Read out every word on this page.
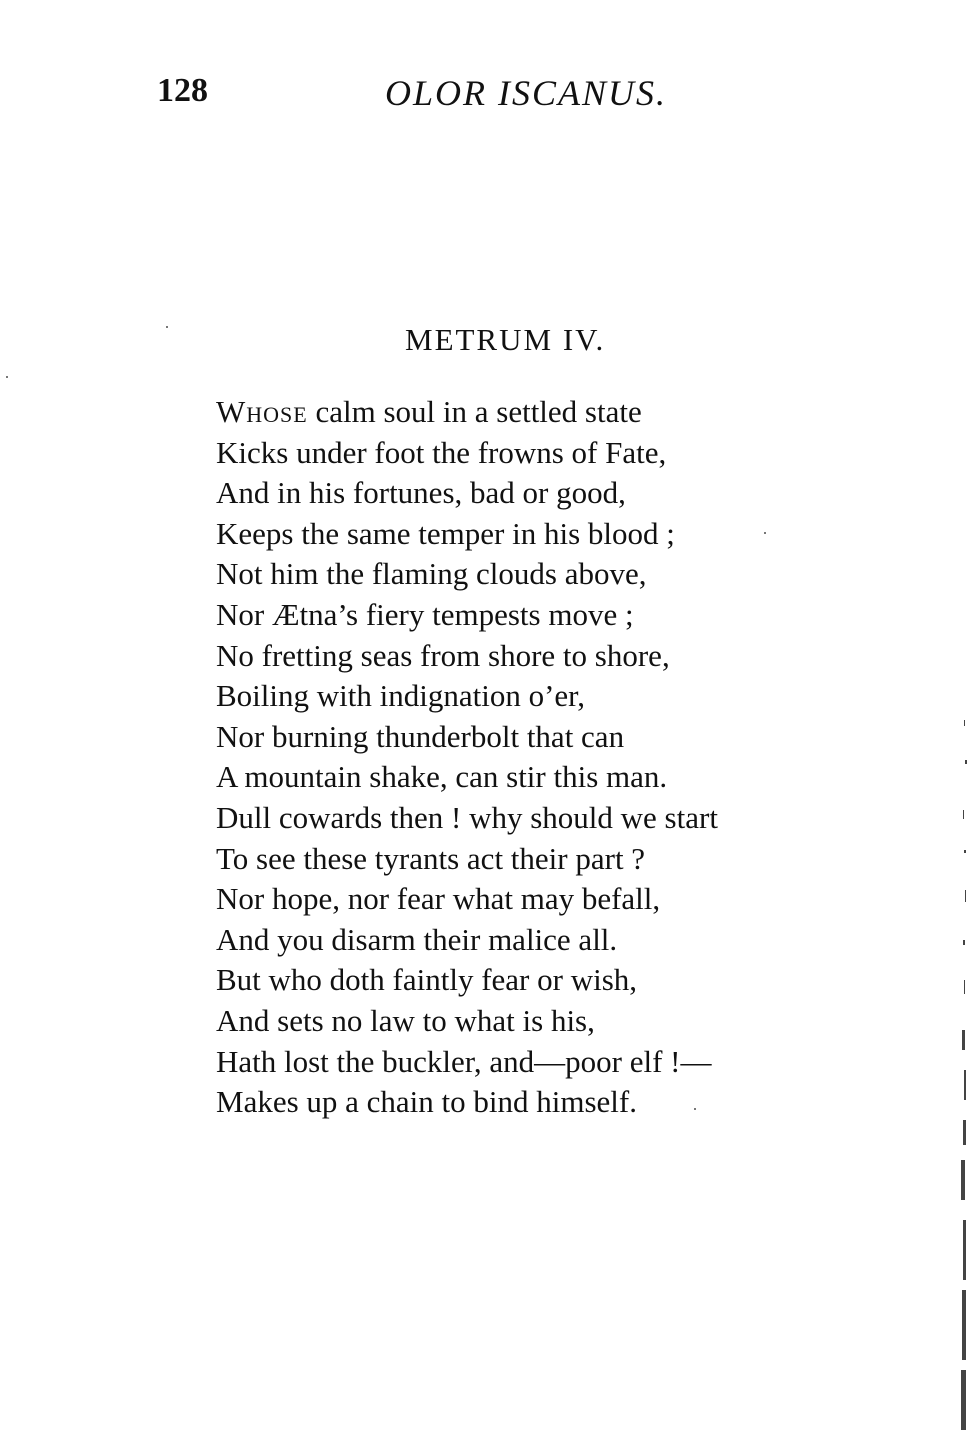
128	OLOR ISCANUS.
METRUM IV.
Whose calm soul in a settled state
Kicks under foot the frowns of Fate,
And in his fortunes, bad or good,
Keeps the same temper in his blood ;
Not him the flaming clouds above,
Nor Ætna’s fiery tempests move ;
No fretting seas from shore to shore,
Boiling with indignation o’er,
Nor burning thunderbolt that can
A mountain shake, can stir this man.
Dull cowards then ! why should we start
To see these tyrants act their part ?
Nor hope, nor fear what may befall,
And you disarm their malice all.
But who doth faintly fear or wish,
And sets no law to what is his,
Hath lost the buckler, and—poor elf !—
Makes up a chain to bind himself.
